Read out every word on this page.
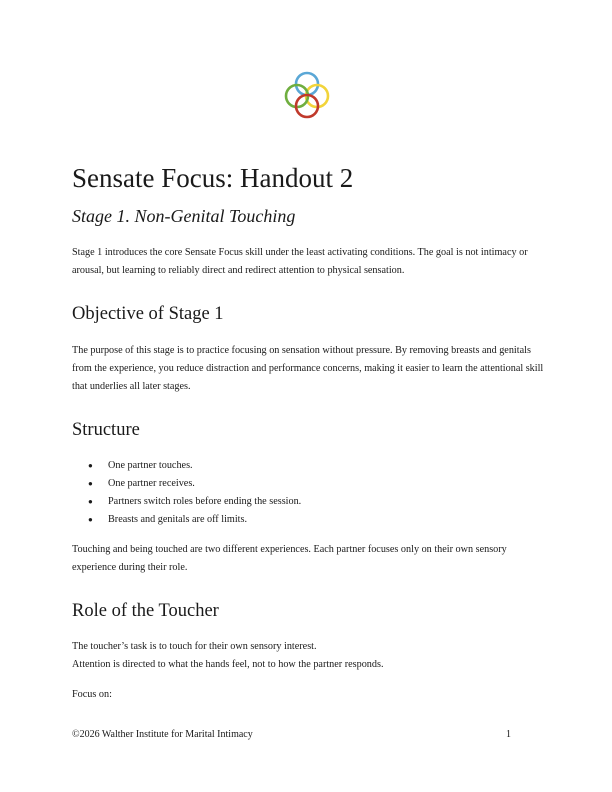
Sensate Focus: Handout 2
Stage 1. Non-Genital Touching

Stage 1 introduces the core Sensate Focus skill under the least activating conditions. The goal is not intimacy or arousal, but learning to reliably direct and redirect attention to physical sensation.

Objective of Stage 1

The purpose of this stage is to practice focusing on sensation without pressure. By removing breasts and genitals from the experience, you reduce distraction and performance concerns, making it easier to learn the attentional skill that underlies all later stages.

Structure
● One partner touches.
● One partner receives.
● Partners switch roles before ending the session.
● Breasts and genitals are off limits.

Touching and being touched are two different experiences. Each partner focuses only on their own sensory experience during their role.

Role of the Toucher

The toucher’s task is to touch for their own sensory interest.

Attention is directed to what the hands feel, not to how the partner responds.

Focus on:

©2026 Walther Institute for Marital Intimacy	1
